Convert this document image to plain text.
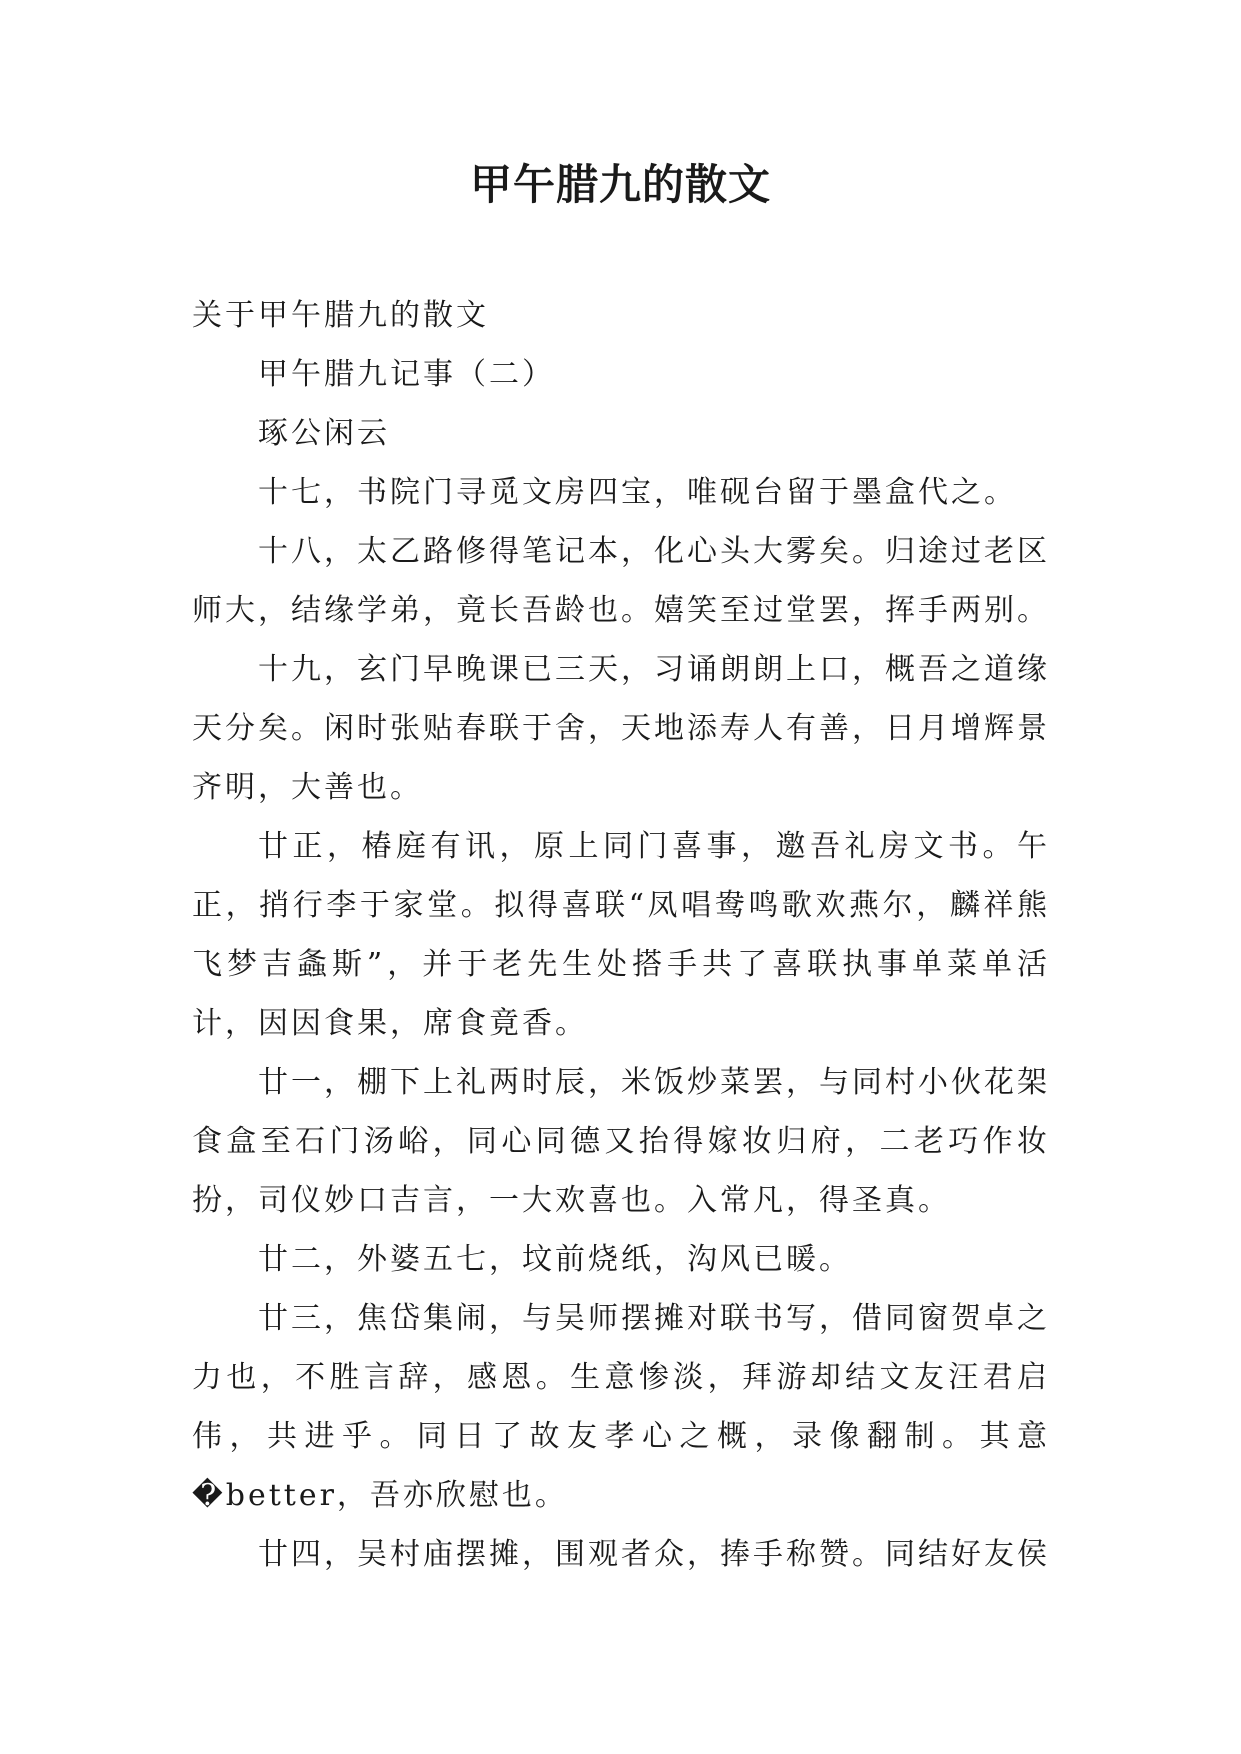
甲午腊九的散文

关于甲午腊九的散文

甲午腊九记事（二）

琢公闲云

十七，书院门寻觅文房四宝，唯砚台留于墨盒代之。

十八，太乙路修得笔记本，化心头大雾矣。归途过老区师大，结缘学弟，竟长吾龄也。嬉笑至过堂罢，挥手两别。

十九，玄门早晚课已三天，习诵朗朗上口，概吾之道缘天分矣。闲时张贴春联于舍，天地添寿人有善，日月增辉景齐明，大善也。

廿正，椿庭有讯，原上同门喜事，邀吾礼房文书。午正，捎行李于家堂。拟得喜联“凤唱鸯鸣歌欢燕尔，麟祥熊飞梦吉螽斯”，并于老先生处搭手共了喜联执事单菜单活计，因因食果，席食竟香。

廿一，棚下上礼两时辰，米饭炒菜罢，与同村小伙花架食盒至石门汤峪，同心同德又抬得嫁妆归府，二老巧作妆扮，司仪妙口吉言，一大欢喜也。入常凡，得圣真。

廿二，外婆五七，坟前烧纸，沟风已暖。

廿三，焦岱集闹，与吴师摆摊对联书写，借同窗贺卓之力也，不胜言辞，感恩。生意惨淡，拜游却结文友汪君启伟，共进乎。同日了故友孝心之概，录像翻制。其意�better，吾亦欣慰也。

廿四，吴村庙摆摊，围观者众，捧手称赞。同结好友侯
